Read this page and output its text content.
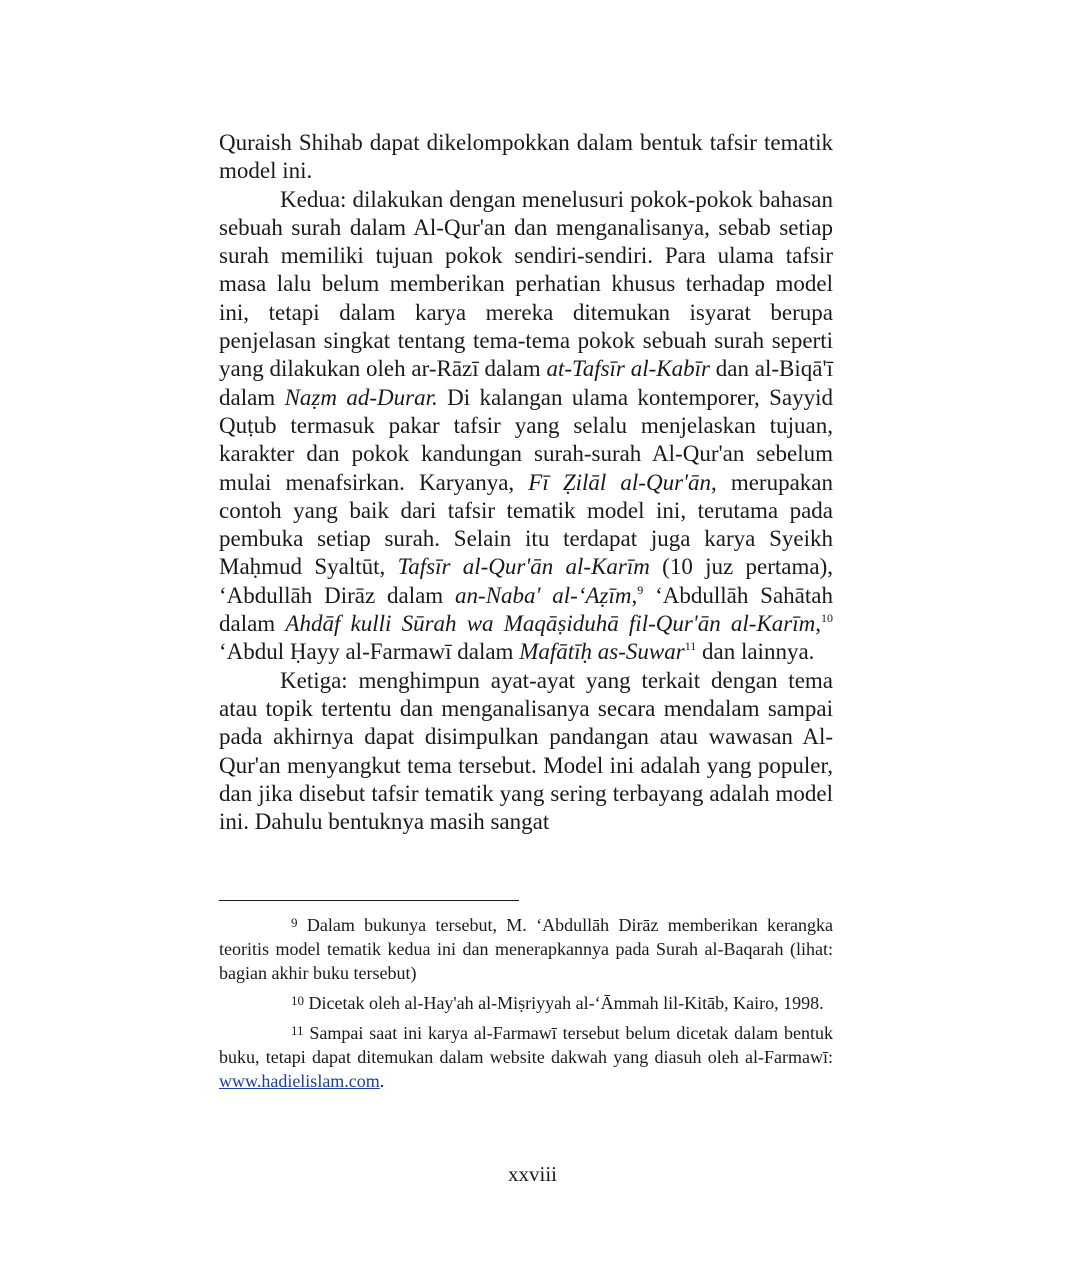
Quraish Shihab dapat dikelompokkan dalam bentuk tafsir tematik model ini.

Kedua: dilakukan dengan menelusuri pokok-pokok bahasan sebuah surah dalam Al-Qur'an dan menganalisanya, sebab setiap surah memiliki tujuan pokok sendiri-sendiri. Para ulama tafsir masa lalu belum memberikan perhatian khusus terhadap model ini, tetapi dalam karya mereka ditemukan isyarat berupa penjelasan singkat tentang tema-tema pokok sebuah surah seperti yang dilakukan oleh ar-Rāzī dalam at-Tafsīr al-Kabīr dan al-Biqā'ī dalam Naẓm ad-Durar. Di kalangan ulama kontemporer, Sayyid Quṭub termasuk pakar tafsir yang selalu menjelaskan tujuan, karakter dan pokok kandungan surah-surah Al-Qur'an sebelum mulai menafsirkan. Karyanya, Fī Ẓilāl al-Qur'ān, merupakan contoh yang baik dari tafsir tematik model ini, terutama pada pembuka setiap surah. Selain itu terdapat juga karya Syeikh Maḥmud Syaltūt, Tafsīr al-Qur'ān al-Karīm (10 juz pertama), ‘Abdullāh Dirāz dalam an-Naba' al-‘Aẓīm,$^9$ ‘Abdullāh Sahātah dalam Ahdāf kulli Sūrah wa Maqāṣiduhā fil-Qur'ān al-Karīm,$^{10}$ ‘Abdul Ḥayy al-Farmawī dalam Mafātīḥ as-Suwar$^{11}$ dan lainnya.

Ketiga: menghimpun ayat-ayat yang terkait dengan tema atau topik tertentu dan menganalisanya secara mendalam sampai pada akhirnya dapat disimpulkan pandangan atau wawasan Al-Qur'an menyangkut tema tersebut. Model ini adalah yang populer, dan jika disebut tafsir tematik yang sering terbayang adalah model ini. Dahulu bentuknya masih sangat

$^9$ Dalam bukunya tersebut, M. ‘Abdullāh Dirāz memberikan kerangka teoritis model tematik kedua ini dan menerapkannya pada Surah al-Baqarah (lihat: bagian akhir buku tersebut)

$^{10}$ Dicetak oleh al-Hay'ah al-Miṣriyyah al-‘Āmmah lil-Kitāb, Kairo, 1998.

$^{11}$ Sampai saat ini karya al-Farmawī tersebut belum dicetak dalam bentuk buku, tetapi dapat ditemukan dalam website dakwah yang diasuh oleh al-Farmawī: www.hadielislam.com.

xxviii
